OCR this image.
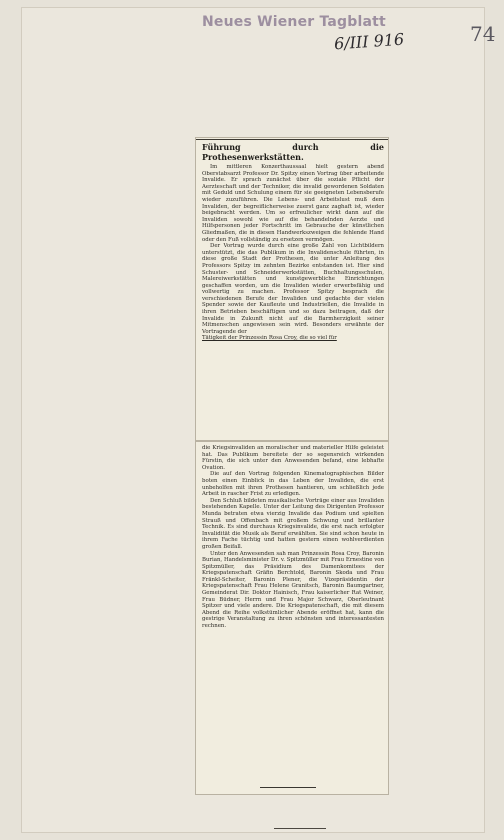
Neues Wiener Tagblatt
6/III 916	74
Führung durch die Prothesenwerkstätten.

Im mittleren Konzerthaussaal hielt gestern abend Oberstabsarzt Professor Dr. Spitzy einen Vortrag über arbeitende Invalide. Er sprach zunächst über die soziale Pflicht der Aerzteschaft und der Techniker, die invalid gewordenen Soldaten mit Geduld und Schulung einem für sie geeigneten Lebensberufe wieder zuzuführen. Die Lebens- und Arbeitslust muß dem Invaliden, der begreiflicherweise zuerst ganz zaghaft ist, wieder beigebracht werden. Um so erfreulicher wirkt dann auf die Invaliden sowohl wie auf die behandelnden Aerzte und Hilfspersonen jeder Fortschritt im Gebrauche der künstlichen Gliedmaßen, die in diesen Handwerkszweigen die fehlende Hand oder den Fuß vollständig zu ersetzen vermögen.

Der Vortrag wurde durch eine große Zahl von Lichtbildern unterstützt, die das Publikum in die Invalidenschule führten, in diese große Stadt der Prothesen, die unter Anleitung des Professors Spitzy im zehnten Bezirke entstanden ist. Hier sind Schuster- und Schneiderwerkstätten, Buchhaltungsschulen, Malereiwerkstätten und kunstgewerbliche Einrichtungen geschaffen worden, um die Invaliden wieder erwerbsfähig und vollwertig zu machen. Professor Spitzy besprach die verschiedenen Berufe der Invaliden und gedachte der vielen Spender sowie der Kaufleute und Industriellen, die Invalide in ihren Betrieben beschäftigen und so dazu beitragen, daß der Invalide in Zukunft nicht auf die Barmherzigkeit seiner Mitmenschen angewiesen sein wird. Besonders erwähnte der Vortragende der

Tätigkeit der Prinzessin Rosa Croy, die so viel für

die Kriegsinvaliden an moralischer und materieller Hilfe geleistet hat. Das Publikum bereitete der so segensreich wirkenden Fürstin, die sich unter den Anwesenden befand, eine lebhafte Ovation.

Die auf den Vortrag folgenden Kinematographischen Bilder boten einen Einblick in das Leben der Invaliden, die erst unbeholfen mit ihren Prothesen hantieren, um schließlich jede Arbeit in rascher Frist zu erledigen.

Den Schluß bildeten musikalische Vorträge einer aus Invaliden bestehenden Kapelle. Unter der Leitung des Dirigenten Professor Munda betraten etwa vierzig Invalide das Podium und spielten Strauß und Offenbach mit großem Schwung und brillanter Technik. Es sind durchaus Kriegsinvalide, die erst nach erfolgter Invalidität die Musik als Beruf erwählten. Sie sind schon heute in ihrem Fache tüchtig und hatten gestern einen wohlverdienten großen Beifall.

Unter den Anwesenden sah man Prinzessin Rosa Croy, Baronin Burian, Handelsminister Dr. v. Spitzmüller mit Frau Ernestine von Spitzmüller, das Präsidium des Damenkomitees der Kriegspatenschaft Gräfin Berchtold, Baronin Skoda und Frau Fränkl-Scheiter, Baronin Plener, die Vizepräsidentin der Kriegspatenschaft Frau Helene Granitsch, Baronin Baumgartner, Gemeinderat Dir. Doktor Hainisch, Frau kaiserlicher Rat Weiner, Frau Büdner, Herrn und Frau Major Schwarz, Oberleutnant Spitzer und viele andere. Die Kriegspatenschaft, die mit diesem Abend die Reihe volkstümlicher Abende eröffnet hat, kann die gestrige Veranstaltung zu ihren schönsten und interessantesten rechnen.
